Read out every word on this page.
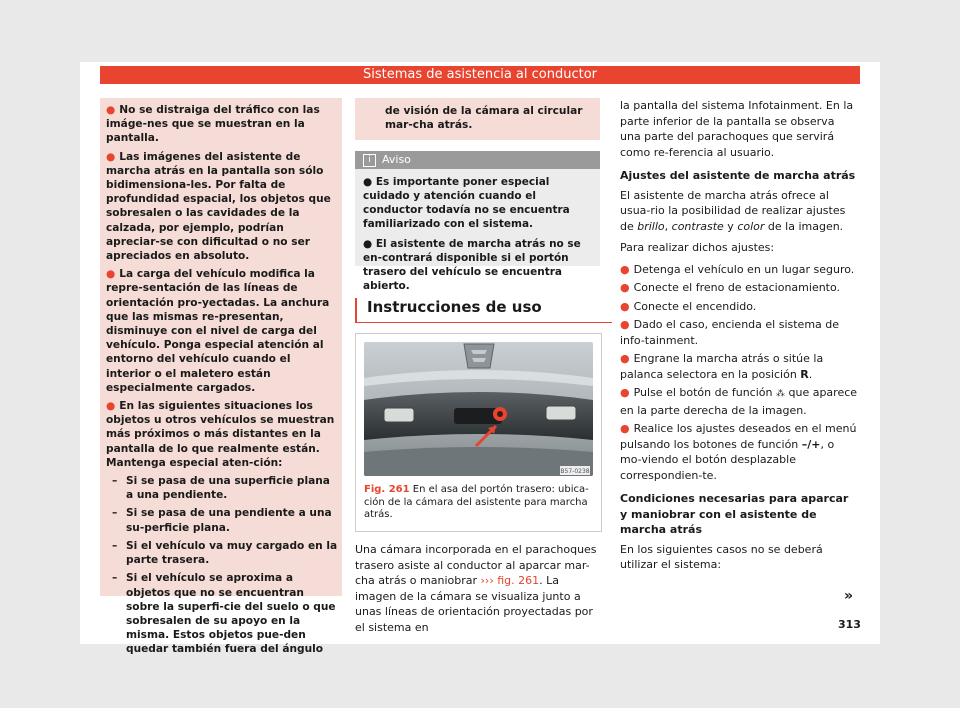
Sistemas de asistencia al conductor

● No se distraiga del tráfico con las imáge-nes que se muestran en la pantalla.

● Las imágenes del asistente de marcha atrás en la pantalla son sólo bidimensiona-les. Por falta de profundidad espacial, los objetos que sobresalen o las cavidades de la calzada, por ejemplo, podrían apreciar-se con dificultad o no ser apreciados en absoluto.

● La carga del vehículo modifica la repre-sentación de las líneas de orientación pro-yectadas. La anchura que las mismas re-presentan, disminuye con el nivel de carga del vehículo. Ponga especial atención al entorno del vehículo cuando el interior o el maletero están especialmente cargados.

● En las siguientes situaciones los objetos u otros vehículos se muestran más próximos o más distantes en la pantalla de lo que realmente están. Mantenga especial aten-ción:

– Si se pasa de una superficie plana a una pendiente.

– Si se pasa de una pendiente a una su-perficie plana.

– Si el vehículo va muy cargado en la parte trasera.

– Si el vehículo se aproxima a objetos que no se encuentran sobre la superfi-cie del suelo o que sobresalen de su apoyo en la misma. Estos objetos pue-den quedar también fuera del ángulo

de visión de la cámara al circular mar-cha atrás.
i Aviso

● Es importante poner especial cuidado y atención cuando el conductor todavía no se encuentra familiarizado con el sistema.

● El asistente de marcha atrás no se en-contrará disponible si el portón trasero del vehículo se encuentra abierto.

Instrucciones de uso
B57-0238
Fig. 261 En el asa del portón trasero: ubica-ción de la cámara del asistente para marcha atrás.
Una cámara incorporada en el parachoques trasero asiste al conductor al aparcar mar-cha atrás o maniobrar ››› fig. 261. La imagen de la cámara se visualiza junto a unas líneas de orientación proyectadas por el sistema en

la pantalla del sistema Infotainment. En la parte inferior de la pantalla se observa una parte del parachoques que servirá como re-ferencia al usuario.

Ajustes del asistente de marcha atrás

El asistente de marcha atrás ofrece al usua-rio la posibilidad de realizar ajustes de brillo, contraste y color de la imagen.

Para realizar dichos ajustes:

● Detenga el vehículo en un lugar seguro.

● Conecte el freno de estacionamiento.

● Conecte el encendido.

● Dado el caso, encienda el sistema de info-tainment.

● Engrane la marcha atrás o sitúe la palanca selectora en la posición R.

● Pulse el botón de función ⁂ que aparece en la parte derecha de la imagen.

● Realice los ajustes deseados en el menú pulsando los botones de función –/+, o mo-viendo el botón desplazable correspondien-te.

Condiciones necesarias para aparcar y maniobrar con el asistente de marcha atrás

En los siguientes casos no se deberá utilizar el sistema:

»
313
